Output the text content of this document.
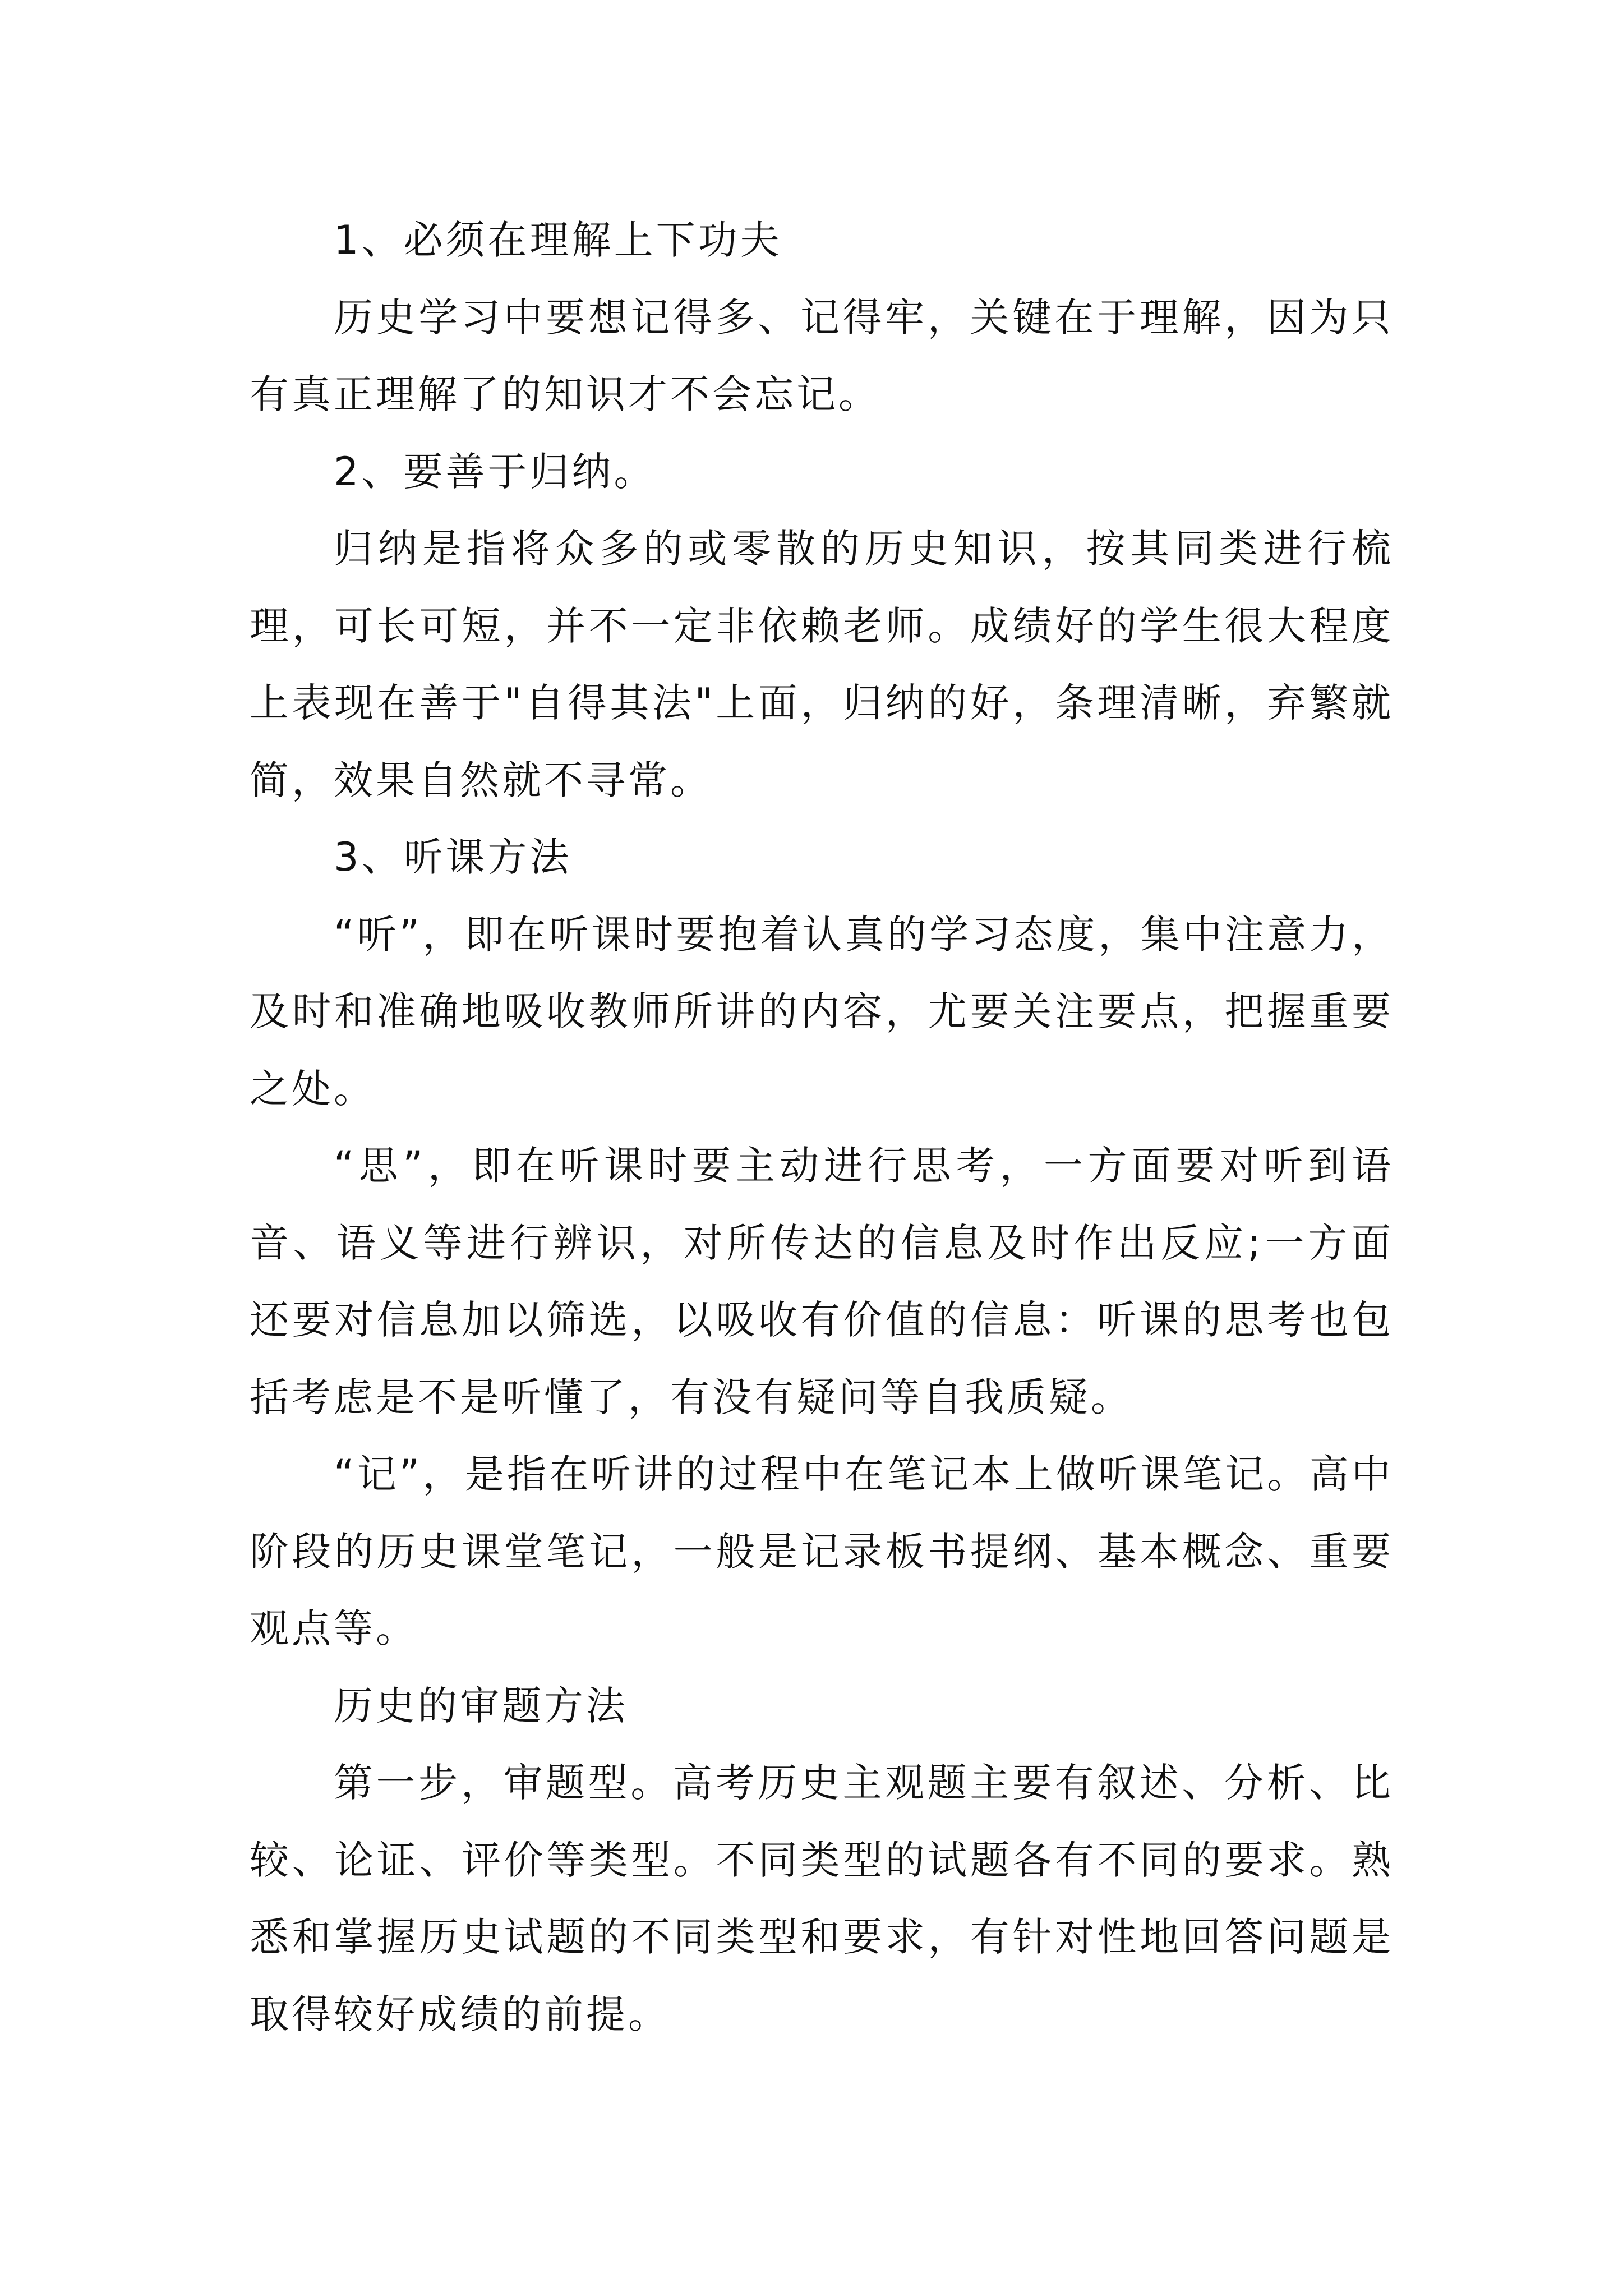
1、必须在理解上下功夫

历史学习中要想记得多、记得牢，关键在于理解，因为只有真正理解了的知识才不会忘记。

2、要善于归纳。

归纳是指将众多的或零散的历史知识，按其同类进行梳理，可长可短，并不一定非依赖老师。成绩好的学生很大程度上表现在善于"自得其法"上面，归纳的好，条理清晰，弃繁就简，效果自然就不寻常。

3、听课方法

“听”，即在听课时要抱着认真的学习态度，集中注意力，及时和准确地吸收教师所讲的内容，尤要关注要点，把握重要之处。

“思”，即在听课时要主动进行思考，一方面要对听到语音、语义等进行辨识，对所传达的信息及时作出反应;一方面还要对信息加以筛选，以吸收有价值的信息：听课的思考也包括考虑是不是听懂了，有没有疑问等自我质疑。

“记”，是指在听讲的过程中在笔记本上做听课笔记。高中阶段的历史课堂笔记，一般是记录板书提纲、基本概念、重要观点等。

历史的审题方法

第一步，审题型。高考历史主观题主要有叙述、分析、比较、论证、评价等类型。不同类型的试题各有不同的要求。熟悉和掌握历史试题的不同类型和要求，有针对性地回答问题是取得较好成绩的前提。
